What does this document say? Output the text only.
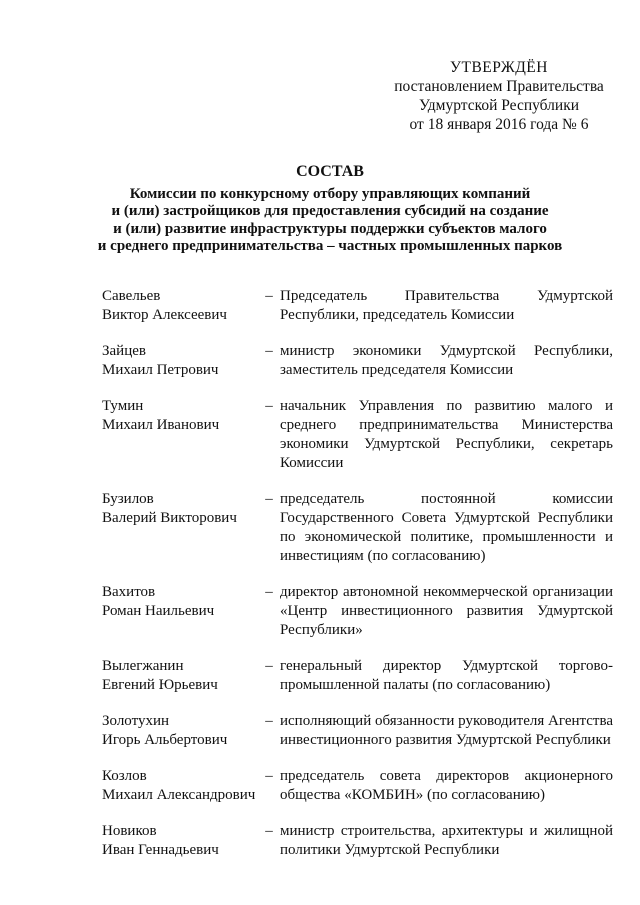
УТВЕРЖДЁН
постановлением Правительства
Удмуртской Республики
от 18 января 2016 года № 6
СОСТАВ
Комиссии по конкурсному отбору управляющих компаний
и (или) застройщиков для предоставления субсидий на создание
и (или) развитие инфраструктуры поддержки субъектов малого
и среднего предпринимательства – частных промышленных парков
Савельев
Виктор Алексеевич
– Председатель Правительства Удмуртской Республики, председатель Комиссии
Зайцев
Михаил Петрович
– министр экономики Удмуртской Республики, заместитель председателя Комиссии
Тумин
Михаил Иванович
– начальник Управления по развитию малого и среднего предпринимательства Министерства экономики Удмуртской Республики, секретарь Комиссии
Бузилов
Валерий Викторович
– председатель постоянной комиссии Государственного Совета Удмуртской Республики по экономической политике, промышленности и инвестициям (по согласованию)
Вахитов
Роман Наильевич
– директор автономной некоммерческой организации «Центр инвестиционного развития Удмуртской Республики»
Вылегжанин
Евгений Юрьевич
– генеральный директор Удмуртской торгово-промышленной палаты (по согласованию)
Золотухин
Игорь Альбертович
– исполняющий обязанности руководителя Агентства инвестиционного развития Удмуртской Республики
Козлов
Михаил Александрович
– председатель совета директоров акционерного общества «КОМБИН» (по согласованию)
Новиков
Иван Геннадьевич
– министр строительства, архитектуры и жилищной политики Удмуртской Республики
